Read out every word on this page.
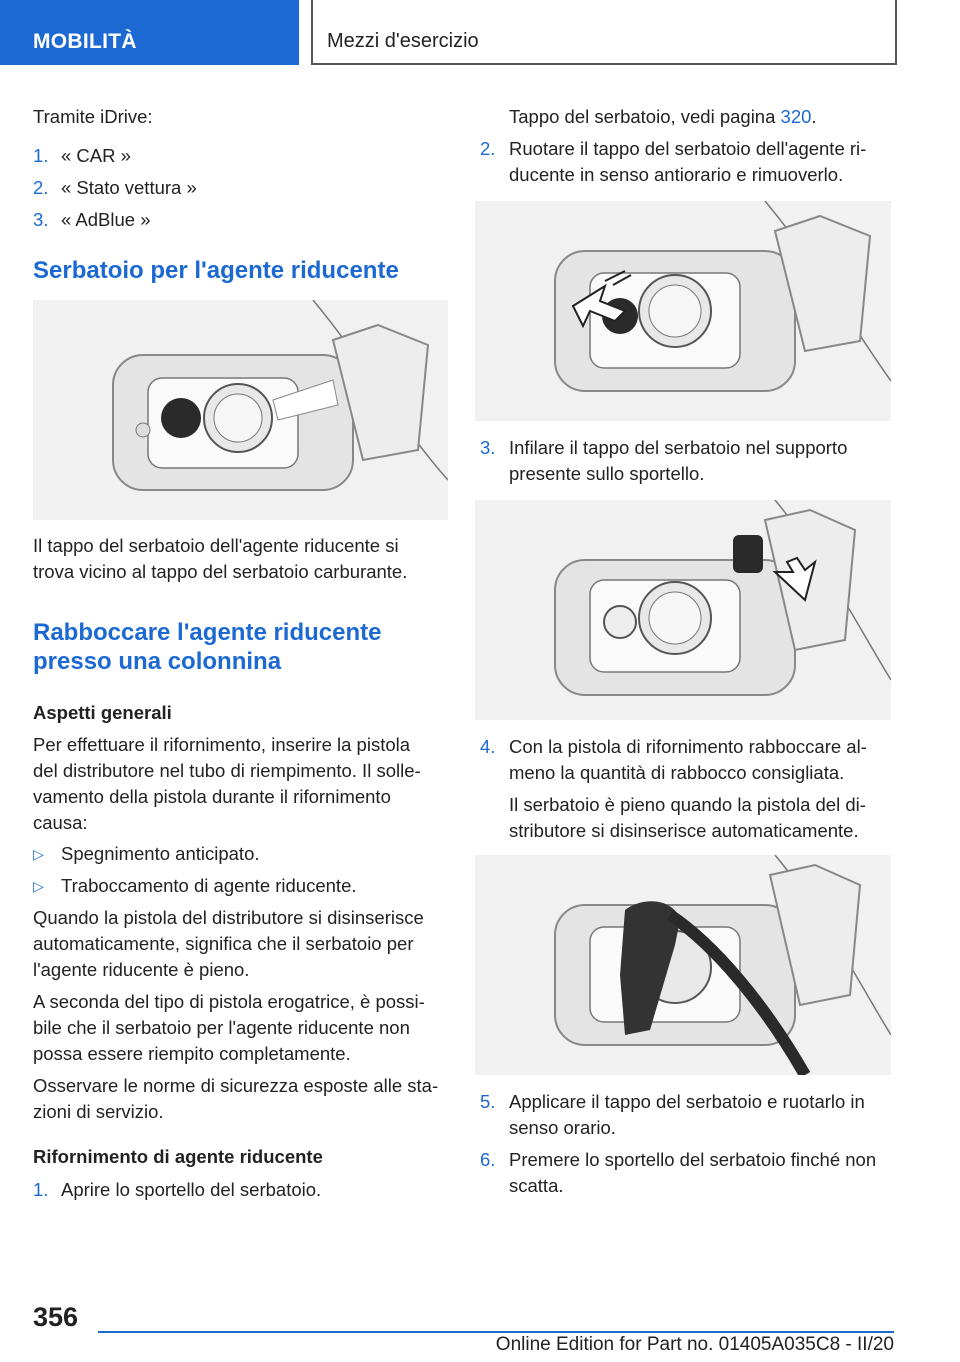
MOBILITÀ	Mezzi d'esercizio

Tramite iDrive:

1. « CAR »
2. « Stato vettura »
3. « AdBlue »
Serbatoio per l'agente riducente

Il tappo del serbatoio dell'agente riducente si

trova vicino al tappo del serbatoio carburante.

Rabboccare l'agente riducente
presso una colonnina
Aspetti generali

Per effettuare il rifornimento, inserire la pistola

del distributore nel tubo di riempimento. Il solle-

vamento della pistola durante il rifornimento

causa:

▷ Spegnimento anticipato.
▷ Traboccamento di agente riducente.

Quando la pistola del distributore si disinserisce

automaticamente, significa che il serbatoio per

l'agente riducente è pieno.

A seconda del tipo di pistola erogatrice, è possi-

bile che il serbatoio per l'agente riducente non

possa essere riempito completamente.

Osservare le norme di sicurezza esposte alle sta-

zioni di servizio.

Rifornimento di agente riducente
1. Aprire lo sportello del serbatoio.

Tappo del serbatoio, vedi pagina 320.

2. Ruotare il tappo del serbatoio dell'agente ri-

ducente in senso antiorario e rimuoverlo.

3. Infilare il tappo del serbatoio nel supporto

presente sullo sportello.

4. Con la pistola di rifornimento rabboccare al-

meno la quantità di rabbocco consigliata.

Il serbatoio è pieno quando la pistola del di-

stributore si disinserisce automaticamente.

5. Applicare il tappo del serbatoio e ruotarlo in

senso orario.

6. Premere lo sportello del serbatoio finché non

scatta.

356
Online Edition for Part no. 01405A035C8 - II/20
